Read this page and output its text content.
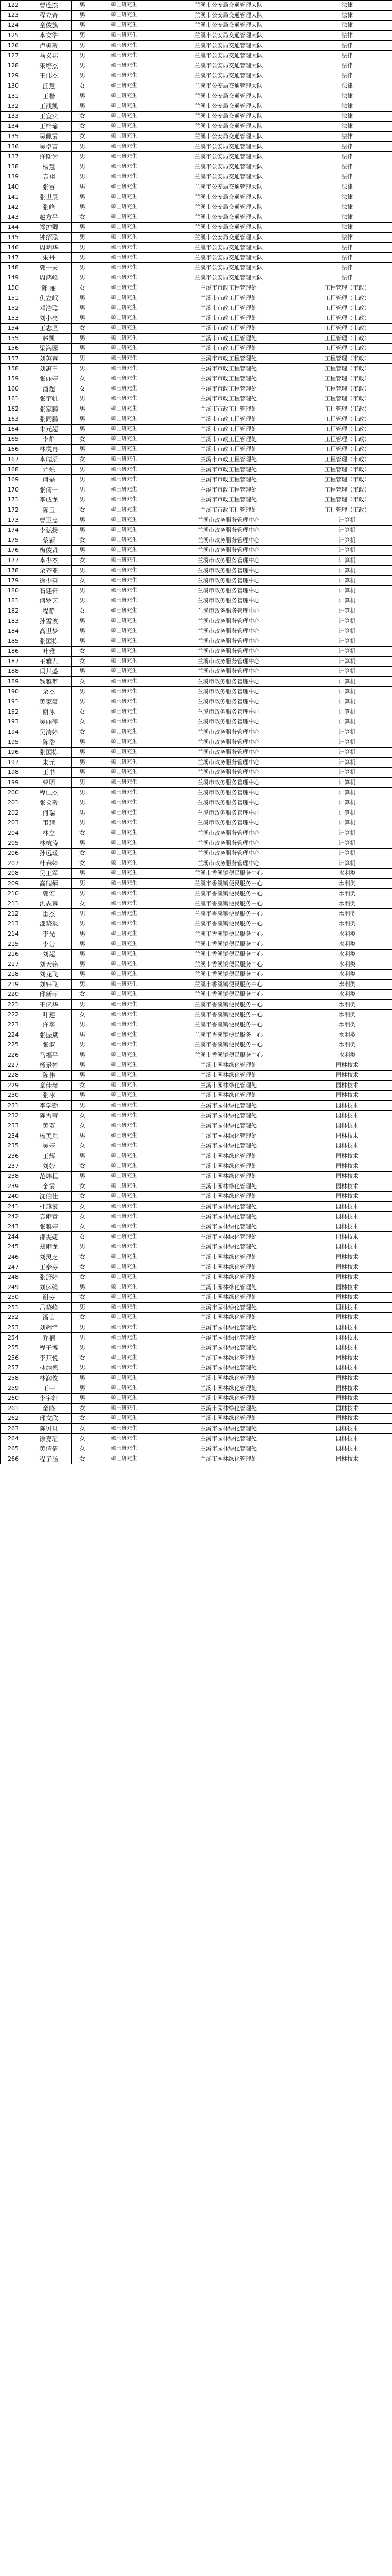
122	曹连杰	男	硕士研究生	兰溪市公安局交通管理大队	法律
123	程立奇	男	硕士研究生	兰溪市公安局交通管理大队	法律
124	童俊旗	男	硕士研究生	兰溪市公安局交通管理大队	法律
125	李文浩	男	硕士研究生	兰溪市公安局交通管理大队	法律
126	卢勇毅	男	硕士研究生	兰溪市公安局交通管理大队	法律
127	马义邦	男	硕士研究生	兰溪市公安局交通管理大队	法律
128	宋培杰	男	硕士研究生	兰溪市公安局交通管理大队	法律
129	王伟杰	男	硕士研究生	兰溪市公安局交通管理大队	法律
130	汪慧	女	硕士研究生	兰溪市公安局交通管理大队	法律
131	王楷	男	硕士研究生	兰溪市公安局交通管理大队	法律
132	王凯凯	男	硕士研究生	兰溪市公安局交通管理大队	法律
133	王宜宾	女	硕士研究生	兰溪市公安局交通管理大队	法律
134	王梓瑜	女	硕士研究生	兰溪市公安局交通管理大队	法律
135	吴佩霞	女	硕士研究生	兰溪市公安局交通管理大队	法律
136	吴卓苗	男	硕士研究生	兰溪市公安局交通管理大队	法律
137	许斯为	男	硕士研究生	兰溪市公安局交通管理大队	法律
138	杨慧	男	硕士研究生	兰溪市公安局交通管理大队	法律
139	袁翔	男	硕士研究生	兰溪市公安局交通管理大队	法律
140	张睿	男	硕士研究生	兰溪市公安局交通管理大队	法律
141	张世辰	男	硕士研究生	兰溪市公安局交通管理大队	法律
142	张峰	男	硕士研究生	兰溪市公安局交通管理大队	法律
143	赵方平	女	硕士研究生	兰溪市公安局交通管理大队	法律
144	郑护卿	男	硕士研究生	兰溪市公安局交通管理大队	法律
145	钟绍聪	男	硕士研究生	兰溪市公安局交通管理大队	法律
146	周明华	男	硕士研究生	兰溪市公安局交通管理大队	法律
147	朱丹	男	硕士研究生	兰溪市公安局交通管理大队	法律
148	郭一夫	男	硕士研究生	兰溪市公安局交通管理大队	法律
149	周鸿峰	男	硕士研究生	兰溪市公安局交通管理大队	法律
150	陈 丽	女	硕士研究生	兰溪市市政工程管理处	工程管理（市政）
151	仇立岷	男	硕士研究生	兰溪市市政工程管理处	工程管理（市政）
152	邓浩聪	男	硕士研究生	兰溪市市政工程管理处	工程管理（市政）
153	刘小亮	男	硕士研究生	兰溪市市政工程管理处	工程管理（市政）
154	王志坚	女	硕士研究生	兰溪市市政工程管理处	工程管理（市政）
155	赵凯	男	硕士研究生	兰溪市市政工程管理处	工程管理（市政）
156	梁海园	男	硕士研究生	兰溪市市政工程管理处	工程管理（市政）
157	刘英蓉	男	硕士研究生	兰溪市市政工程管理处	工程管理（市政）
158	刘寓王	男	硕士研究生	兰溪市市政工程管理处	工程管理（市政）
159	张丽婷	女	硕士研究生	兰溪市市政工程管理处	工程管理（市政）
160	潘超	女	硕士研究生	兰溪市市政工程管理处	工程管理（市政）
161	张宇帆	男	硕士研究生	兰溪市市政工程管理处	工程管理（市政）
162	张家鹏	男	硕士研究生	兰溪市市政工程管理处	工程管理（市政）
163	张同鹏	男	硕士研究生	兰溪市市政工程管理处	工程管理（市政）
164	朱元超	男	硕士研究生	兰溪市市政工程管理处	工程管理（市政）
165	李静	女	硕士研究生	兰溪市市政工程管理处	工程管理（市政）
166	林悦冉	男	硕士研究生	兰溪市市政工程管理处	工程管理（市政）
167	李瑞瑶	女	硕士研究生	兰溪市市政工程管理处	工程管理（市政）
168	尤烁	男	硕士研究生	兰溪市市政工程管理处	工程管理（市政）
169	何磊	男	硕士研究生	兰溪市市政工程管理处	工程管理（市政）
170	张倩一	男	硕士研究生	兰溪市市政工程管理处	工程管理（市政）
171	李成龙	男	硕士研究生	兰溪市市政工程管理处	工程管理（市政）
172	陈玉	女	硕士研究生	兰溪市市政工程管理处	工程管理（市政）
173	曹卫忠	男	硕士研究生	兰溪市政务服务管理中心	计算机
174	李弘扬	男	硕士研究生	兰溪市政务服务管理中心	计算机
175	蔡颖	女	硕士研究生	兰溪市政务服务管理中心	计算机
176	梅俊贤	男	硕士研究生	兰溪市政务服务管理中心	计算机
177	李少杰	女	硕士研究生	兰溪市政务服务管理中心	计算机
178	余齐亚	男	硕士研究生	兰溪市政务服务管理中心	计算机
179	徐少英	女	硕士研究生	兰溪市政务服务管理中心	计算机
180	石建轩	男	硕士研究生	兰溪市政务服务管理中心	计算机
181	何罗艺	男	硕士研究生	兰溪市政务服务管理中心	计算机
182	程静	女	硕士研究生	兰溪市政务服务管理中心	计算机
183	孙雪波	男	硕士研究生	兰溪市政务服务管理中心	计算机
184	高世梦	男	硕士研究生	兰溪市政务服务管理中心	计算机
185	张国栋	男	硕士研究生	兰溪市政务服务管理中心	计算机
186	叶雅	女	硕士研究生	兰溪市政务服务管理中心	计算机
187	王雅九	女	硕士研究生	兰溪市政务服务管理中心	计算机
188	闫其盛	男	硕士研究生	兰溪市政务服务管理中心	计算机
189	钱雅梦	女	硕士研究生	兰溪市政务服务管理中心	计算机
190	余杰	男	硕士研究生	兰溪市政务服务管理中心	计算机
191	黄家豪	男	硕士研究生	兰溪市政务服务管理中心	计算机
192	谢冰	女	硕士研究生	兰溪市政务服务管理中心	计算机
193	吴丽萍	女	硕士研究生	兰溪市政务服务管理中心	计算机
194	吴清婷	女	硕士研究生	兰溪市政务服务管理中心	计算机
195	陈浩	男	硕士研究生	兰溪市政务服务管理中心	计算机
196	张国栋	男	硕士研究生	兰溪市政务服务管理中心	计算机
197	朱元	男	硕士研究生	兰溪市政务服务管理中心	计算机
198	王书	男	硕士研究生	兰溪市政务服务管理中心	计算机
199	曹明	男	硕士研究生	兰溪市政务服务管理中心	计算机
200	程仁杰	男	硕士研究生	兰溪市政务服务管理中心	计算机
201	张文毅	男	硕士研究生	兰溪市政务服务管理中心	计算机
202	何瑞	男	硕士研究生	兰溪市政务服务管理中心	计算机
203	韦耀	男	硕士研究生	兰溪市政务服务管理中心	计算机
204	林立	女	硕士研究生	兰溪市政务服务管理中心	计算机
205	林杭涛	男	硕士研究生	兰溪市政务服务管理中心	计算机
206	孙远瑗	女	硕士研究生	兰溪市政务服务管理中心	计算机
207	杜春婷	女	硕士研究生	兰溪市政务服务管理中心	计算机
208	吴王军	男	硕士研究生	兰溪市香溪镇便民服务中心	水利类
209	高瑞炳	男	硕士研究生	兰溪市香溪镇便民服务中心	水利类
210	郭宏	男	硕士研究生	兰溪市香溪镇便民服务中心	水利类
211	洪志蓉	女	硕士研究生	兰溪市香溪镇便民服务中心	水利类
212	雷杰	男	硕士研究生	兰溪市香溪镇便民服务中心	水利类
213	邵晓飒	男	硕士研究生	兰溪市香溪镇便民服务中心	水利类
214	李光	男	硕士研究生	兰溪市香溪镇便民服务中心	水利类
215	李岩	男	硕士研究生	兰溪市香溪镇便民服务中心	水利类
216	刘超	男	硕士研究生	兰溪市香溪镇便民服务中心	水利类
217	刘天铭	男	硕士研究生	兰溪市香溪镇便民服务中心	水利类
218	刘龙飞	男	硕士研究生	兰溪市香溪镇便民服务中心	水利类
219	刘轩飞	男	硕士研究生	兰溪市香溪镇便民服务中心	水利类
220	邱新萍	女	硕士研究生	兰溪市香溪镇便民服务中心	水利类
221	王亿华	男	硕士研究生	兰溪市香溪镇便民服务中心	水利类
222	叶莲	女	硕士研究生	兰溪市香溪镇便民服务中心	水利类
223	许奕	男	硕士研究生	兰溪市香溪镇便民服务中心	水利类
224	张振斌	男	硕士研究生	兰溪市香溪镇便民服务中心	水利类
225	张淑	男	硕士研究生	兰溪市香溪镇便民服务中心	水利类
226	马福平	男	硕士研究生	兰溪市香溪镇便民服务中心	水利类
227	杨景彬	男	硕士研究生	兰溪市园林绿化管理处	园林技术
228	陈伟	男	硕士研究生	兰溪市园林绿化管理处	园林技术
229	章佳薇	女	硕士研究生	兰溪市园林绿化管理处	园林技术
230	张冰	男	硕士研究生	兰溪市园林绿化管理处	园林技术
231	李学勤	男	硕士研究生	兰溪市园林绿化管理处	园林技术
232	陈雪莹	女	硕士研究生	兰溪市园林绿化管理处	园林技术
233	黄双	女	硕士研究生	兰溪市园林绿化管理处	园林技术
234	杨美兵	男	硕士研究生	兰溪市园林绿化管理处	园林技术
235	吴婷	女	硕士研究生	兰溪市园林绿化管理处	园林技术
236	王辉	男	硕士研究生	兰溪市园林绿化管理处	园林技术
237	刘妙	女	硕士研究生	兰溪市园林绿化管理处	园林技术
238	范炜程	男	硕士研究生	兰溪市园林绿化管理处	园林技术
239	金霞	女	硕士研究生	兰溪市园林绿化管理处	园林技术
240	沈伯佳	女	硕士研究生	兰溪市园林绿化管理处	园林技术
241	杜燕霞	女	硕士研究生	兰溪市园林绿化管理处	园林技术
242	袁雨童	女	硕士研究生	兰溪市园林绿化管理处	园林技术
243	张雅婷	女	硕士研究生	兰溪市园林绿化管理处	园林技术
244	邵雯婕	女	硕士研究生	兰溪市园林绿化管理处	园林技术
245	郑雨龙	男	硕士研究生	兰溪市园林绿化管理处	园林技术
246	刘灵芝	女	硕士研究生	兰溪市园林绿化管理处	园林技术
247	王秦芬	女	硕士研究生	兰溪市园林绿化管理处	园林技术
248	张舒婷	女	硕士研究生	兰溪市园林绿化管理处	园林技术
249	刘运强	男	硕士研究生	兰溪市园林绿化管理处	园林技术
250	谢芬	女	硕士研究生	兰溪市园林绿化管理处	园林技术
251	吕晓峰	男	硕士研究生	兰溪市园林绿化管理处	园林技术
252	潘茵	女	硕士研究生	兰溪市园林绿化管理处	园林技术
253	刘辉宇	男	硕士研究生	兰溪市园林绿化管理处	园林技术
254	乔楠	男	硕士研究生	兰溪市园林绿化管理处	园林技术
255	程子博	男	硕士研究生	兰溪市园林绿化管理处	园林技术
256	李其悦	女	硕士研究生	兰溪市园林绿化管理处	园林技术
257	林炳德	男	硕士研究生	兰溪市园林绿化管理处	园林技术
258	林润俊	男	硕士研究生	兰溪市园林绿化管理处	园林技术
259	王宇	男	硕士研究生	兰溪市园林绿化管理处	园林技术
260	李宇轩	男	硕士研究生	兰溪市园林绿化管理处	园林技术
261	童晓	女	硕士研究生	兰溪市园林绿化管理处	园林技术
262	邢文欣	女	硕士研究生	兰溪市园林绿化管理处	园林技术
263	陈贝贝	女	硕士研究生	兰溪市园林绿化管理处	园林技术
264	徐嘉瑶	女	硕士研究生	兰溪市园林绿化管理处	园林技术
265	黄倩倩	女	硕士研究生	兰溪市园林绿化管理处	园林技术
266	程子涵	女	硕士研究生	兰溪市园林绿化管理处	园林技术
